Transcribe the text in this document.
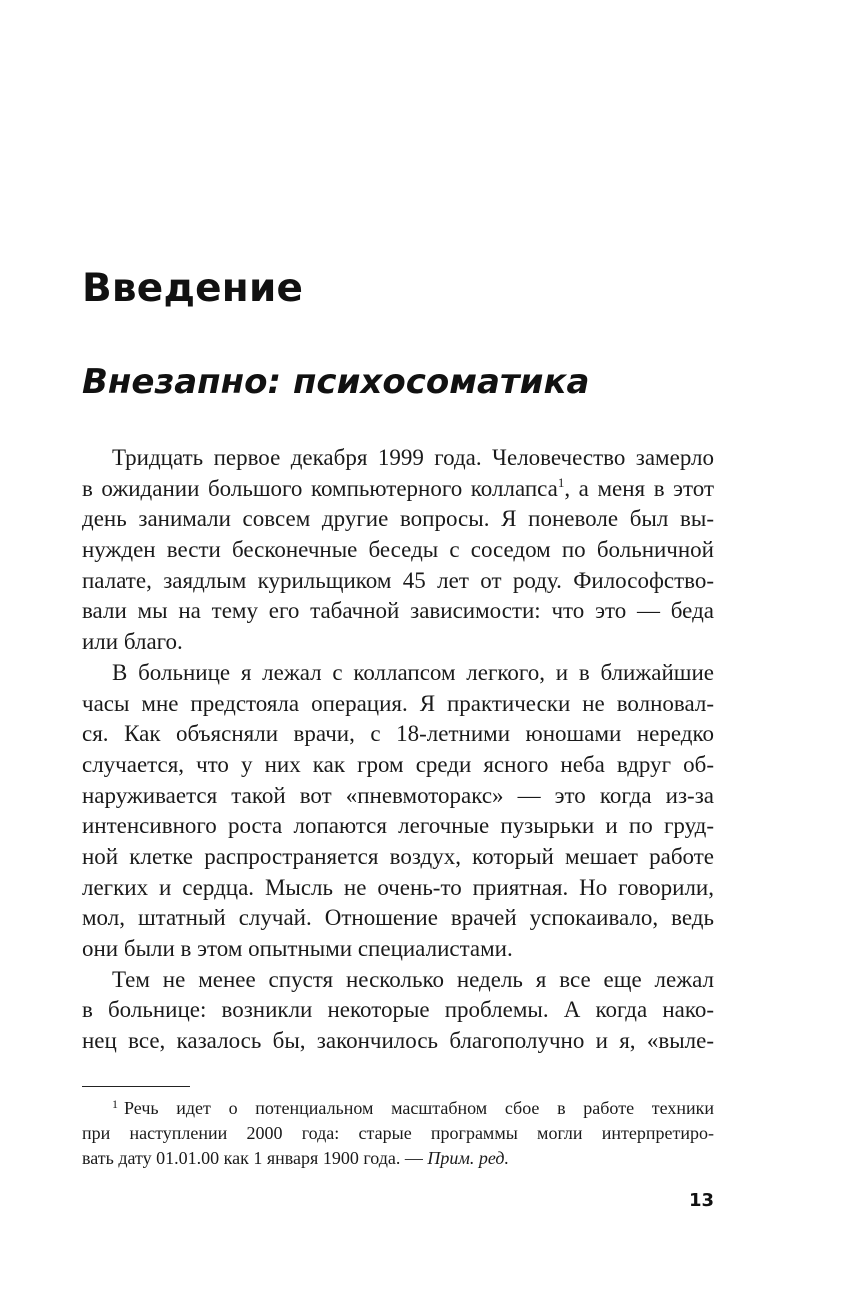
Введение
Внезапно: психосоматика
Тридцать первое декабря 1999 года. Человечество замерло
в ожидании большого компьютерного коллапса$^1$, а меня в этот
день занимали совсем другие вопросы. Я поневоле был вы-
нужден вести бесконечные беседы с соседом по больничной
палате, заядлым курильщиком 45 лет от роду. Философство-
вали мы на тему его табачной зависимости: что это — беда
или благо.
В больнице я лежал с коллапсом легкого, и в ближайшие
часы мне предстояла операция. Я практически не волновал-
ся. Как объясняли врачи, с 18-летними юношами нередко
случается, что у них как гром среди ясного неба вдруг об-
наруживается такой вот «пневмоторакс» — это когда из-за
интенсивного роста лопаются легочные пузырьки и по груд-
ной клетке распространяется воздух, который мешает работе
легких и сердца. Мысль не очень-то приятная. Но говорили,
мол, штатный случай. Отношение врачей успокаивало, ведь
они были в этом опытными специалистами.
Тем не менее спустя несколько недель я все еще лежал
в больнице: возникли некоторые проблемы. А когда нако-
нец все, казалось бы, закончилось благополучно и я, «выле-
$^1$ Речь идет о потенциальном масштабном сбое в работе техники
при наступлении 2000 года: старые программы могли интерпретиро-
вать дату 01.01.00 как 1 января 1900 года. — Прим. ред.
13
